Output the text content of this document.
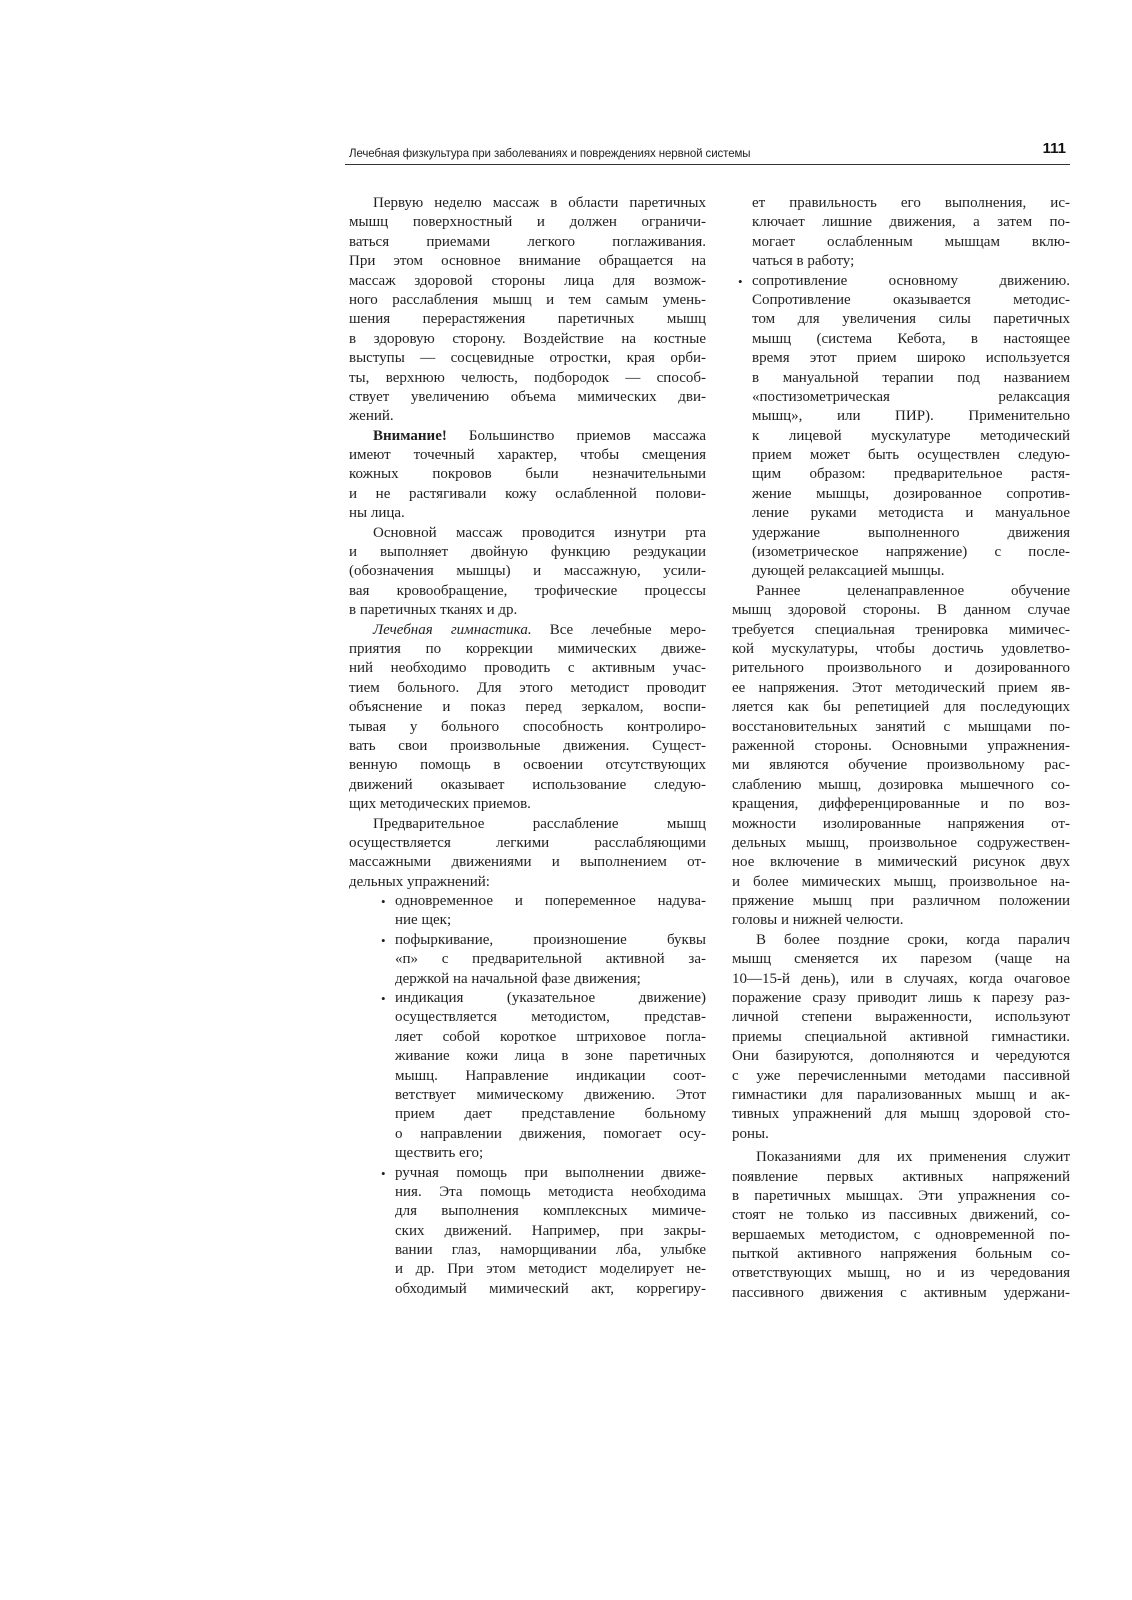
Лечебная физкультура при заболеваниях и повреждениях нервной системы	111
Первую неделю массаж в области паретичных
мышц поверхностный и должен ограничи-
ваться приемами легкого поглаживания.
При этом основное внимание обращается на
массаж здоровой стороны лица для возмож-
ного расслабления мышц и тем самым умень-
шения перерастяжения паретичных мышц
в здоровую сторону. Воздействие на костные
выступы — сосцевидные отростки, края орби-
ты, верхнюю челюсть, подбородок — способ-
ствует увеличению объема мимических дви-
жений.
Внимание! Большинство приемов массажа
имеют точечный характер, чтобы смещения
кожных покровов были незначительными
и не растягивали кожу ослабленной полови-
ны лица.
Основной массаж проводится изнутри рта
и выполняет двойную функцию реэдукации
(обозначения мышцы) и массажную, усили-
вая кровообращение, трофические процессы
в паретичных тканях и др.
Лечебная гимнастика. Все лечебные меро-
приятия по коррекции мимических движе-
ний необходимо проводить с активным учас-
тием больного. Для этого методист проводит
объяснение и показ перед зеркалом, воспи-
тывая у больного способность контролиро-
вать свои произвольные движения. Сущест-
венную помощь в освоении отсутствующих
движений оказывает использование следую-
щих методических приемов.
Предварительное расслабление мышц
осуществляется легкими расслабляющими
массажными движениями и выполнением от-
дельных упражнений:
• одновременное и попеременное надува-
ние щек;
• пофыркивание, произношение буквы
«п» с предварительной активной за-
держкой на начальной фазе движения;
• индикация (указательное движение)
осуществляется методистом, представ-
ляет собой короткое штриховое погла-
живание кожи лица в зоне паретичных
мышц. Направление индикации соот-
ветствует мимическому движению. Этот
прием дает представление больному
о направлении движения, помогает осу-
ществить его;
• ручная помощь при выполнении движе-
ния. Эта помощь методиста необходима
для выполнения комплексных мимиче-
ских движений. Например, при закры-
вании глаз, наморщивании лба, улыбке
и др. При этом методист моделирует не-
обходимый мимический акт, коррегиру-
ет правильность его выполнения, ис-
ключает лишние движения, а затем по-
могает ослабленным мышцам вклю-
чаться в работу;
• сопротивление основному движению.
Сопротивление оказывается методис-
том для увеличения силы паретичных
мышц (система Кебота, в настоящее
время этот прием широко используется
в мануальной терапии под названием
«постизометрическая релаксация
мышц», или ПИР). Применительно
к лицевой мускулатуре методический
прием может быть осуществлен следую-
щим образом: предварительное растя-
жение мышцы, дозированное сопротив-
ление руками методиста и мануальное
удержание выполненного движения
(изометрическое напряжение) с после-
дующей релаксацией мышцы.
Раннее целенаправленное обучение
мышц здоровой стороны. В данном случае
требуется специальная тренировка мимичес-
кой мускулатуры, чтобы достичь удовлетво-
рительного произвольного и дозированного
ее напряжения. Этот методический прием яв-
ляется как бы репетицией для последующих
восстановительных занятий с мышцами по-
раженной стороны. Основными упражнения-
ми являются обучение произвольному рас-
слаблению мышц, дозировка мышечного со-
кращения, дифференцированные и по воз-
можности изолированные напряжения от-
дельных мышц, произвольное содружествен-
ное включение в мимический рисунок двух
и более мимических мышц, произвольное на-
пряжение мышц при различном положении
головы и нижней челюсти.
В более поздние сроки, когда паралич
мышц сменяется их парезом (чаще на
10—15-й день), или в случаях, когда очаговое
поражение сразу приводит лишь к парезу раз-
личной степени выраженности, используют
приемы специальной активной гимнастики.
Они базируются, дополняются и чередуются
с уже перечисленными методами пассивной
гимнастики для парализованных мышц и ак-
тивных упражнений для мышц здоровой сто-
роны.
Показаниями для их применения служит
появление первых активных напряжений
в паретичных мышцах. Эти упражнения со-
стоят не только из пассивных движений, со-
вершаемых методистом, с одновременной по-
пыткой активного напряжения больным со-
ответствующих мышц, но и из чередования
пассивного движения с активным удержани-
